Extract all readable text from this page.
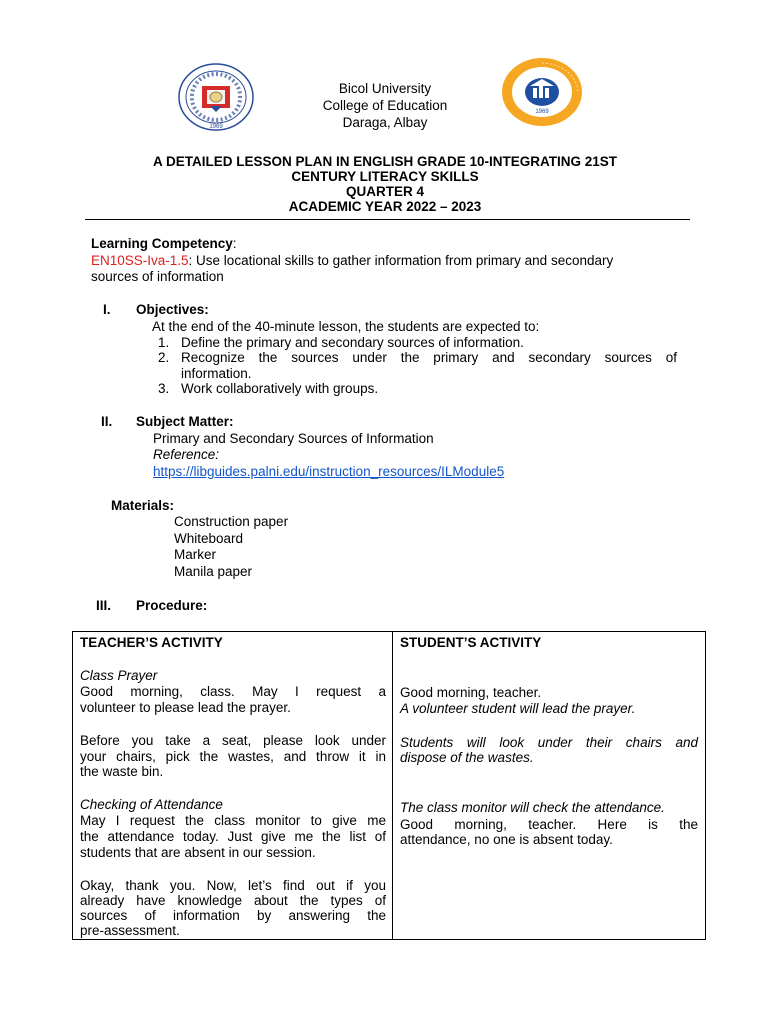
1969
1969
Bicol University
College of Education
Daraga, Albay
A DETAILED LESSON PLAN IN ENGLISH GRADE 10-INTEGRATING 21ST
CENTURY LITERACY SKILLS
QUARTER 4
ACADEMIC YEAR 2022 – 2023
Learning Competency:
EN10SS-Iva-1.5: Use locational skills to gather information from primary and secondary
sources of information
I. Objectives:
At the end of the 40-minute lesson, the students are expected to:
1. Define the primary and secondary sources of information.
2. Recognize the sources under the primary and secondary sources of
information.
3. Work collaboratively with groups.
II. Subject Matter:
Primary and Secondary Sources of Information
Reference:
https://libguides.palni.edu/instruction_resources/ILModule5
Materials:
Construction paper
Whiteboard
Marker
Manila paper
III. Procedure:
TEACHER’S ACTIVITY
Class Prayer
Good morning, class. May I request a
volunteer to please lead the prayer.
Before you take a seat, please look under
your chairs, pick the wastes, and throw it in
the waste bin.
Checking of Attendance
May I request the class monitor to give me
the attendance today. Just give me the list of
students that are absent in our session.
Okay, thank you. Now, let’s find out if you
already have knowledge about the types of
sources of information by answering the
pre-assessment.
STUDENT’S ACTIVITY
Good morning, teacher.
A volunteer student will lead the prayer.
Students will look under their chairs and
dispose of the wastes.
The class monitor will check the attendance.
Good morning, teacher. Here is the
attendance, no one is absent today.
